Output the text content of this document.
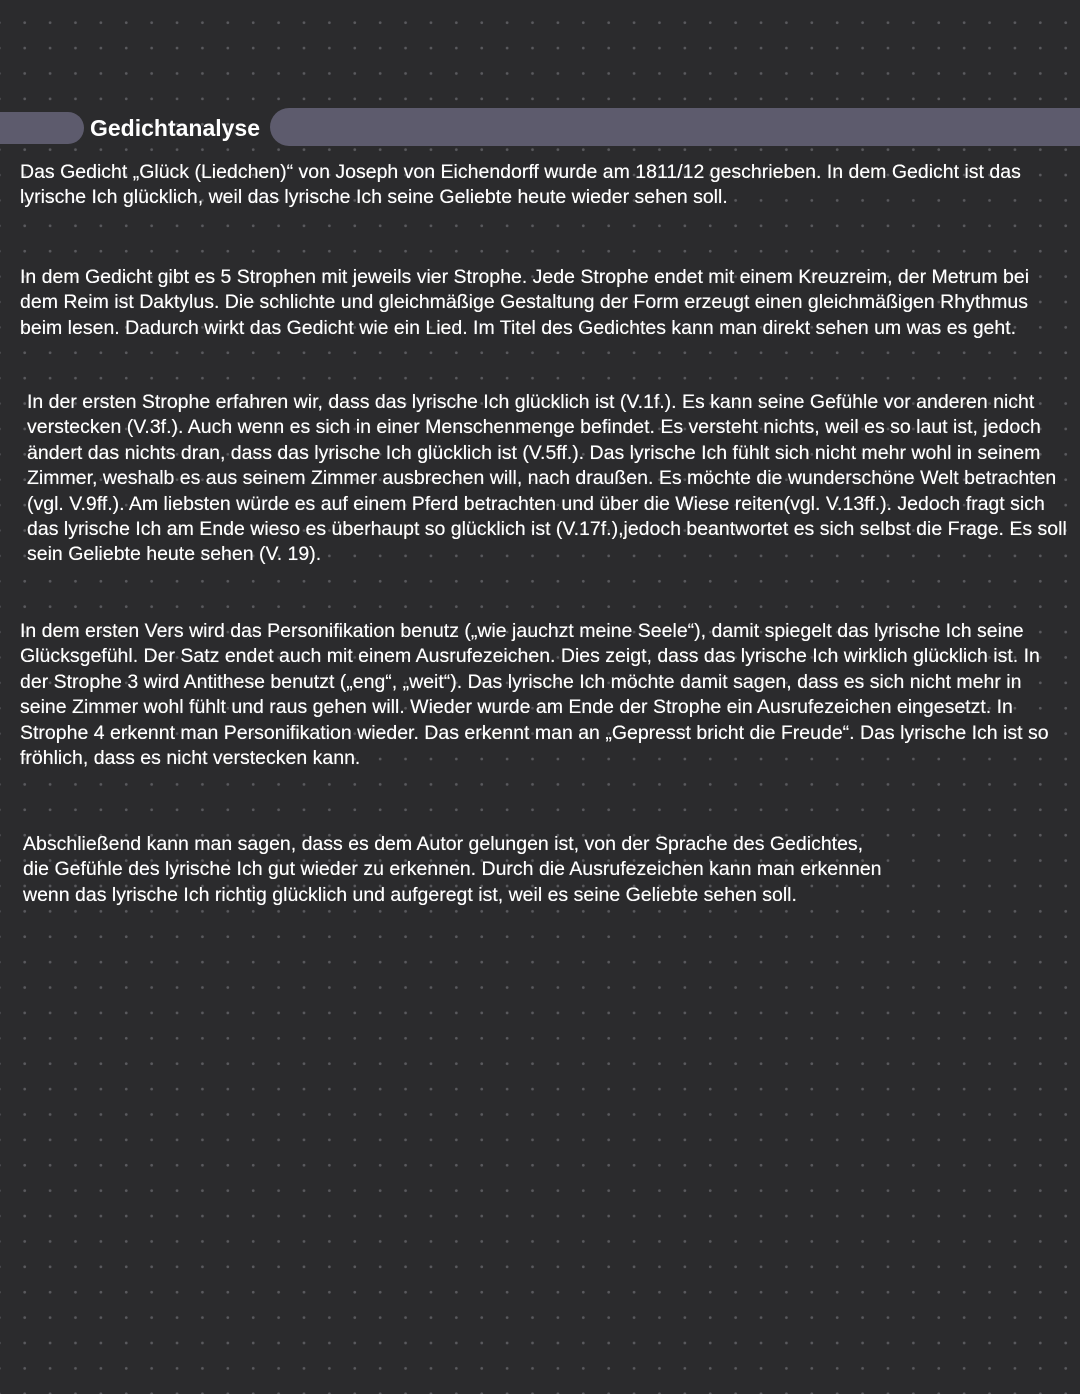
Gedichtanalyse

Das Gedicht „Glück (Liedchen)“ von Joseph von Eichendorff wurde am 1811/12 geschrieben. In dem Gedicht ist das lyrische Ich glücklich, weil das lyrische Ich seine Geliebte heute wieder sehen soll.

In dem Gedicht gibt es 5 Strophen mit jeweils vier Strophe. Jede Strophe endet mit einem Kreuzreim, der Metrum bei dem Reim ist Daktylus. Die schlichte und gleichmäßige Gestaltung der Form erzeugt einen gleichmäßigen Rhythmus beim lesen. Dadurch wirkt das Gedicht wie ein Lied. Im Titel des Gedichtes kann man direkt sehen um was es geht.

In der ersten Strophe erfahren wir, dass das lyrische Ich glücklich ist (V.1f.). Es kann seine Gefühle vor anderen nicht verstecken (V.3f.). Auch wenn es sich in einer Menschenmenge befindet. Es versteht nichts, weil es so laut ist, jedoch ändert das nichts dran, dass das lyrische Ich glücklich ist (V.5ff.). Das lyrische Ich fühlt sich nicht mehr wohl in seinem Zimmer, weshalb es aus seinem Zimmer ausbrechen will, nach draußen. Es möchte die wunderschöne Welt betrachten (vgl. V.9ff.). Am liebsten würde es auf einem Pferd betrachten und über die Wiese reiten(vgl. V.13ff.). Jedoch fragt sich das lyrische Ich am Ende wieso es überhaupt so glücklich ist (V.17f.),jedoch beantwortet es sich selbst die Frage. Es soll sein Geliebte heute sehen (V. 19).

In dem ersten Vers wird das Personifikation benutz („wie jauchzt meine Seele“), damit spiegelt das lyrische Ich seine Glücksgefühl. Der Satz endet auch mit einem Ausrufezeichen. Dies zeigt, dass das lyrische Ich wirklich glücklich ist. In der Strophe 3 wird Antithese benutzt („eng“, „weit“). Das lyrische Ich möchte damit sagen, dass es sich nicht mehr in seine Zimmer wohl fühlt und raus gehen will. Wieder wurde am Ende der Strophe ein Ausrufezeichen eingesetzt. In Strophe 4 erkennt man Personifikation wieder. Das erkennt man an „Gepresst bricht die Freude“. Das lyrische Ich ist so fröhlich, dass es nicht verstecken kann.

Abschließend kann man sagen, dass es dem Autor gelungen ist, von der Sprache des Gedichtes, die Gefühle des lyrische Ich gut wieder zu erkennen. Durch die Ausrufezeichen kann man erkennen wenn das lyrische Ich richtig glücklich und aufgeregt ist, weil es seine Geliebte sehen soll.
